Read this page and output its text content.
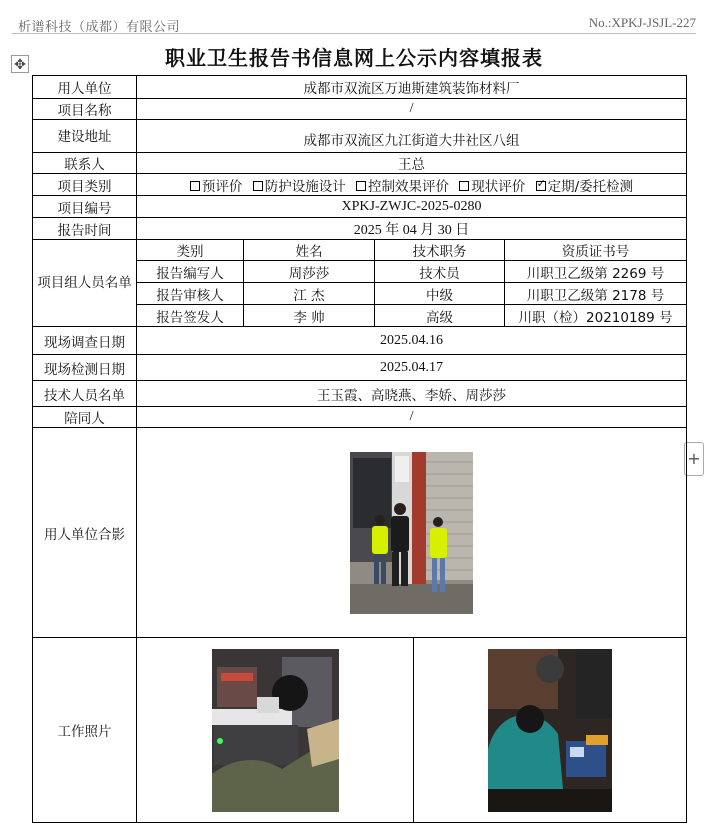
析谱科技（成都）有限公司	No.:XPKJ-JSJL-227
职业卫生报告书信息网上公示内容填报表
✥
+
用人单位	成都市双流区万迪斯建筑装饰材料厂				
项目名称	/				
建设地址	成都市双流区九江街道大井社区八组				
联系人	王总				
项目类别	预评价 防护设施设计 控制效果评价 现状评价 ✓ 定期/委托检测
项目编号	XPKJ-ZWJC-2025-0280				
报告时间	2025 年 04 月 30 日				
项目组人员名单	类别	姓名	技术职务		资质证书号
	报告编写人	周莎莎	技术员		川职卫乙级第 2269 号
	报告审核人	江 杰	中级		川职卫乙级第 2178 号
	报告签发人	李 帅	高级		川职（检）20210189 号
现场调查日期	2025.04.16				
现场检测日期	2025.04.17				
技术人员名单	王玉霞、高晓燕、李娇、周莎莎				
陪同人	/				
用人单位合影	
工作照片		
